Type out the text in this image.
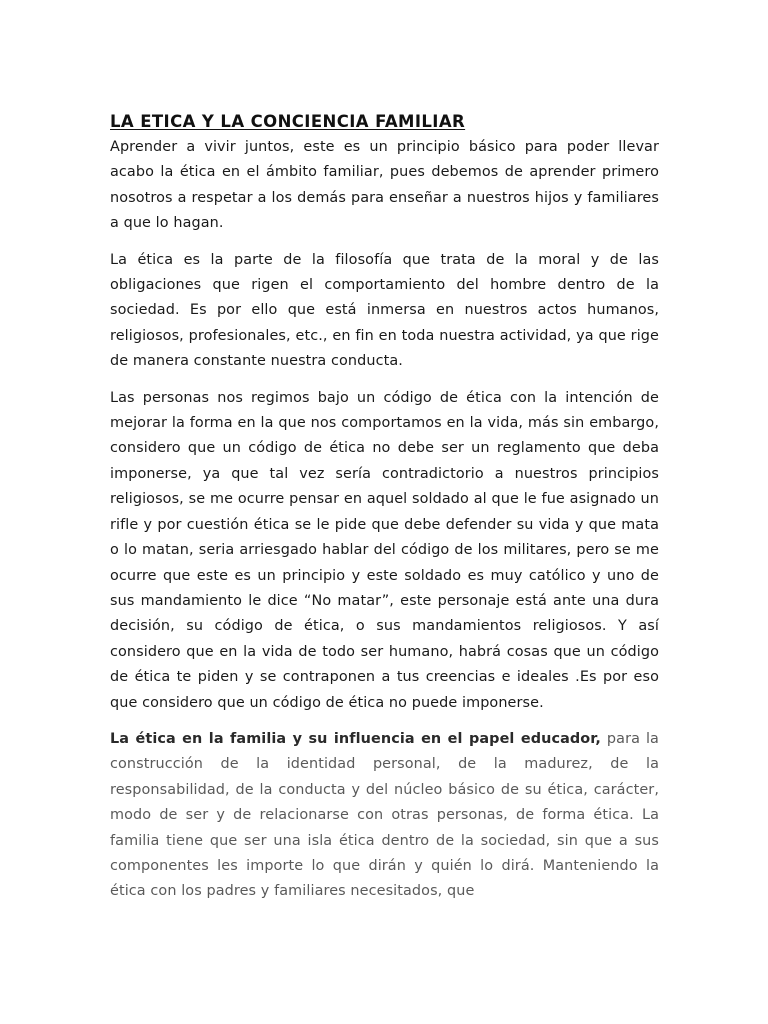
LA ETICA Y LA CONCIENCIA FAMILIAR

Aprender a vivir juntos, este es un principio básico para poder llevar acabo la ética en el ámbito familiar, pues debemos de aprender primero nosotros a respetar a los demás para enseñar a nuestros hijos y familiares a que lo hagan.

La ética es la parte de la filosofía que trata de la moral y de las obligaciones que rigen el comportamiento del hombre dentro de la sociedad. Es por ello que está inmersa en nuestros actos humanos, religiosos, profesionales, etc., en fin en toda nuestra actividad, ya que rige de manera constante nuestra conducta.

Las personas nos regimos bajo un código de ética con la intención de mejorar la forma en la que nos comportamos en la vida, más sin embargo, considero que un código de ética no debe ser un reglamento que deba imponerse, ya que tal vez sería contradictorio a nuestros principios religiosos, se me ocurre pensar en aquel soldado al que le fue asignado un rifle y por cuestión ética se le pide que debe defender su vida y que mata o lo matan, seria arriesgado hablar del código de los militares, pero se me ocurre que este es un principio y este soldado es muy católico y uno de sus mandamiento le dice “No matar”, este personaje está ante una dura decisión, su código de ética, o sus mandamientos religiosos. Y así considero que en la vida de todo ser humano, habrá cosas que un código de ética te piden y se contraponen a tus creencias e ideales .Es por eso que considero que un código de ética no puede imponerse.

La ética en la familia y su influencia en el papel educador, para la construcción de la identidad personal, de la madurez, de la responsabilidad, de la conducta y del núcleo básico de su ética, carácter, modo de ser y de relacionarse con otras personas, de forma ética. La familia tiene que ser una isla ética dentro de la sociedad, sin que a sus componentes les importe lo que dirán y quién lo dirá. Manteniendo la ética con los padres y familiares necesitados, que
